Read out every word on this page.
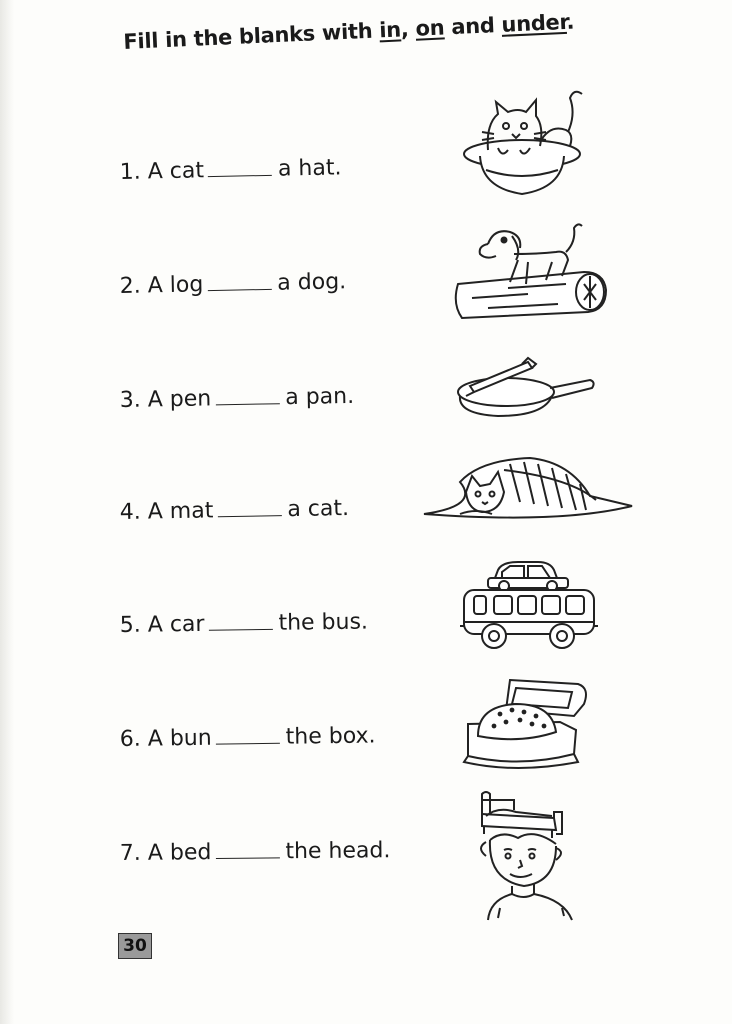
Fill in the blanks with in, on and under.
1. A cat	a hat.
2. A log	a dog.
3. A pen	a pan.
4. A mat	a cat.
5. A car	the bus.
6. A bun	the box.
7. A bed	the head.
30
